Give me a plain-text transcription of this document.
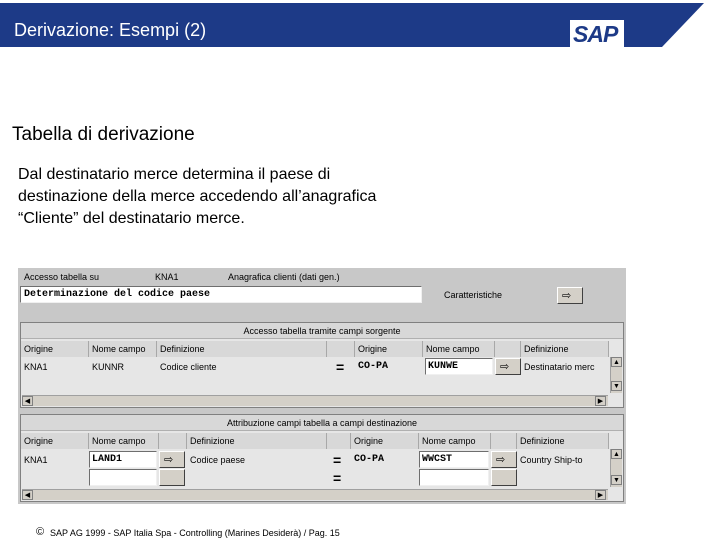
Derivazione: Esempi (2)	SAP
Tabella di derivazione
Dal destinatario merce determina il paese di
destinazione della merce accedendo all’anagrafica
“Cliente” del destinatario merce.
Accesso tabella su	KNA1	Anagrafica clienti (dati gen.)
Determinazione del codice paese	Caratteristiche	⇨
Accesso tabella tramite campi sorgente
Origine	Nome campo	Definizione	Origine	Nome campo	Definizione
KNA1	KUNNR	Codice cliente	=	CO-PA	KUNWE	⇨	Destinatario merc	▲
▼
◀	▶
Attribuzione campi tabella a campi destinazione
Origine	Nome campo	Definizione	Origine	Nome campo	Definizione
KNA1	LAND1	⇨	Codice paese	=	CO-PA	WWCST	⇨	Country Ship-to
=
▲
▼
◀	▶
© SAP AG 1999 - SAP Italia Spa - Controlling (Marines Desiderà) / Pag. 15
